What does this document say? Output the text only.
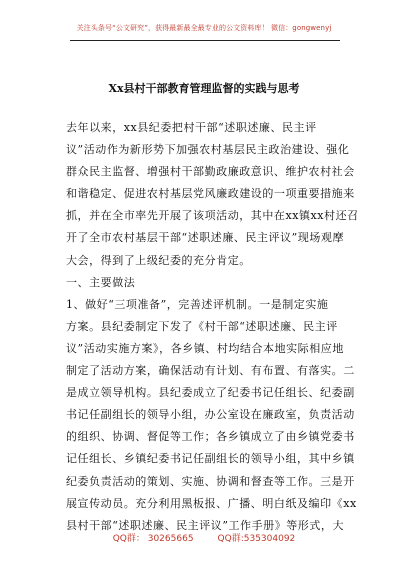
关注头条号“公文研究”，获得最新最全最专业的公文资料库！ 微信：gongwenyj
Xx县村干部教育管理监督的实践与思考
去年以来，xx县纪委把村干部“述职述廉、民主评
议”活动作为新形势下加强农村基层民主政治建设、强化
群众民主监督、增强村干部勤政廉政意识、维护农村社会
和谐稳定、促进农村基层党风廉政建设的一项重要措施来
抓，并在全市率先开展了该项活动，其中在xx镇xx村还召
开了全市农村基层干部“述职述廉、民主评议”现场观摩
大会，得到了上级纪委的充分肯定。
一、主要做法
1、做好“三项准备”，完善述评机制。一是制定实施
方案。县纪委制定下发了《村干部“述职述廉、民主评
议”活动实施方案》，各乡镇、村均结合本地实际相应地
制定了活动方案，确保活动有计划、有布置、有落实。二
是成立领导机构。县纪委成立了纪委书记任组长、纪委副
书记任副组长的领导小组，办公室设在廉政室，负责活动
的组织、协调、督促等工作；各乡镇成立了由乡镇党委书
记任组长、乡镇纪委书记任副组长的领导小组，其中乡镇
纪委负责活动的策划、实施、协调和督查等工作。三是开
展宣传动员。充分利用黑板报、广播、明白纸及编印《xx
县村干部“述职述廉、民主评议”工作手册》等形式，大
QQ群： 30265665	QQ群:535304092
